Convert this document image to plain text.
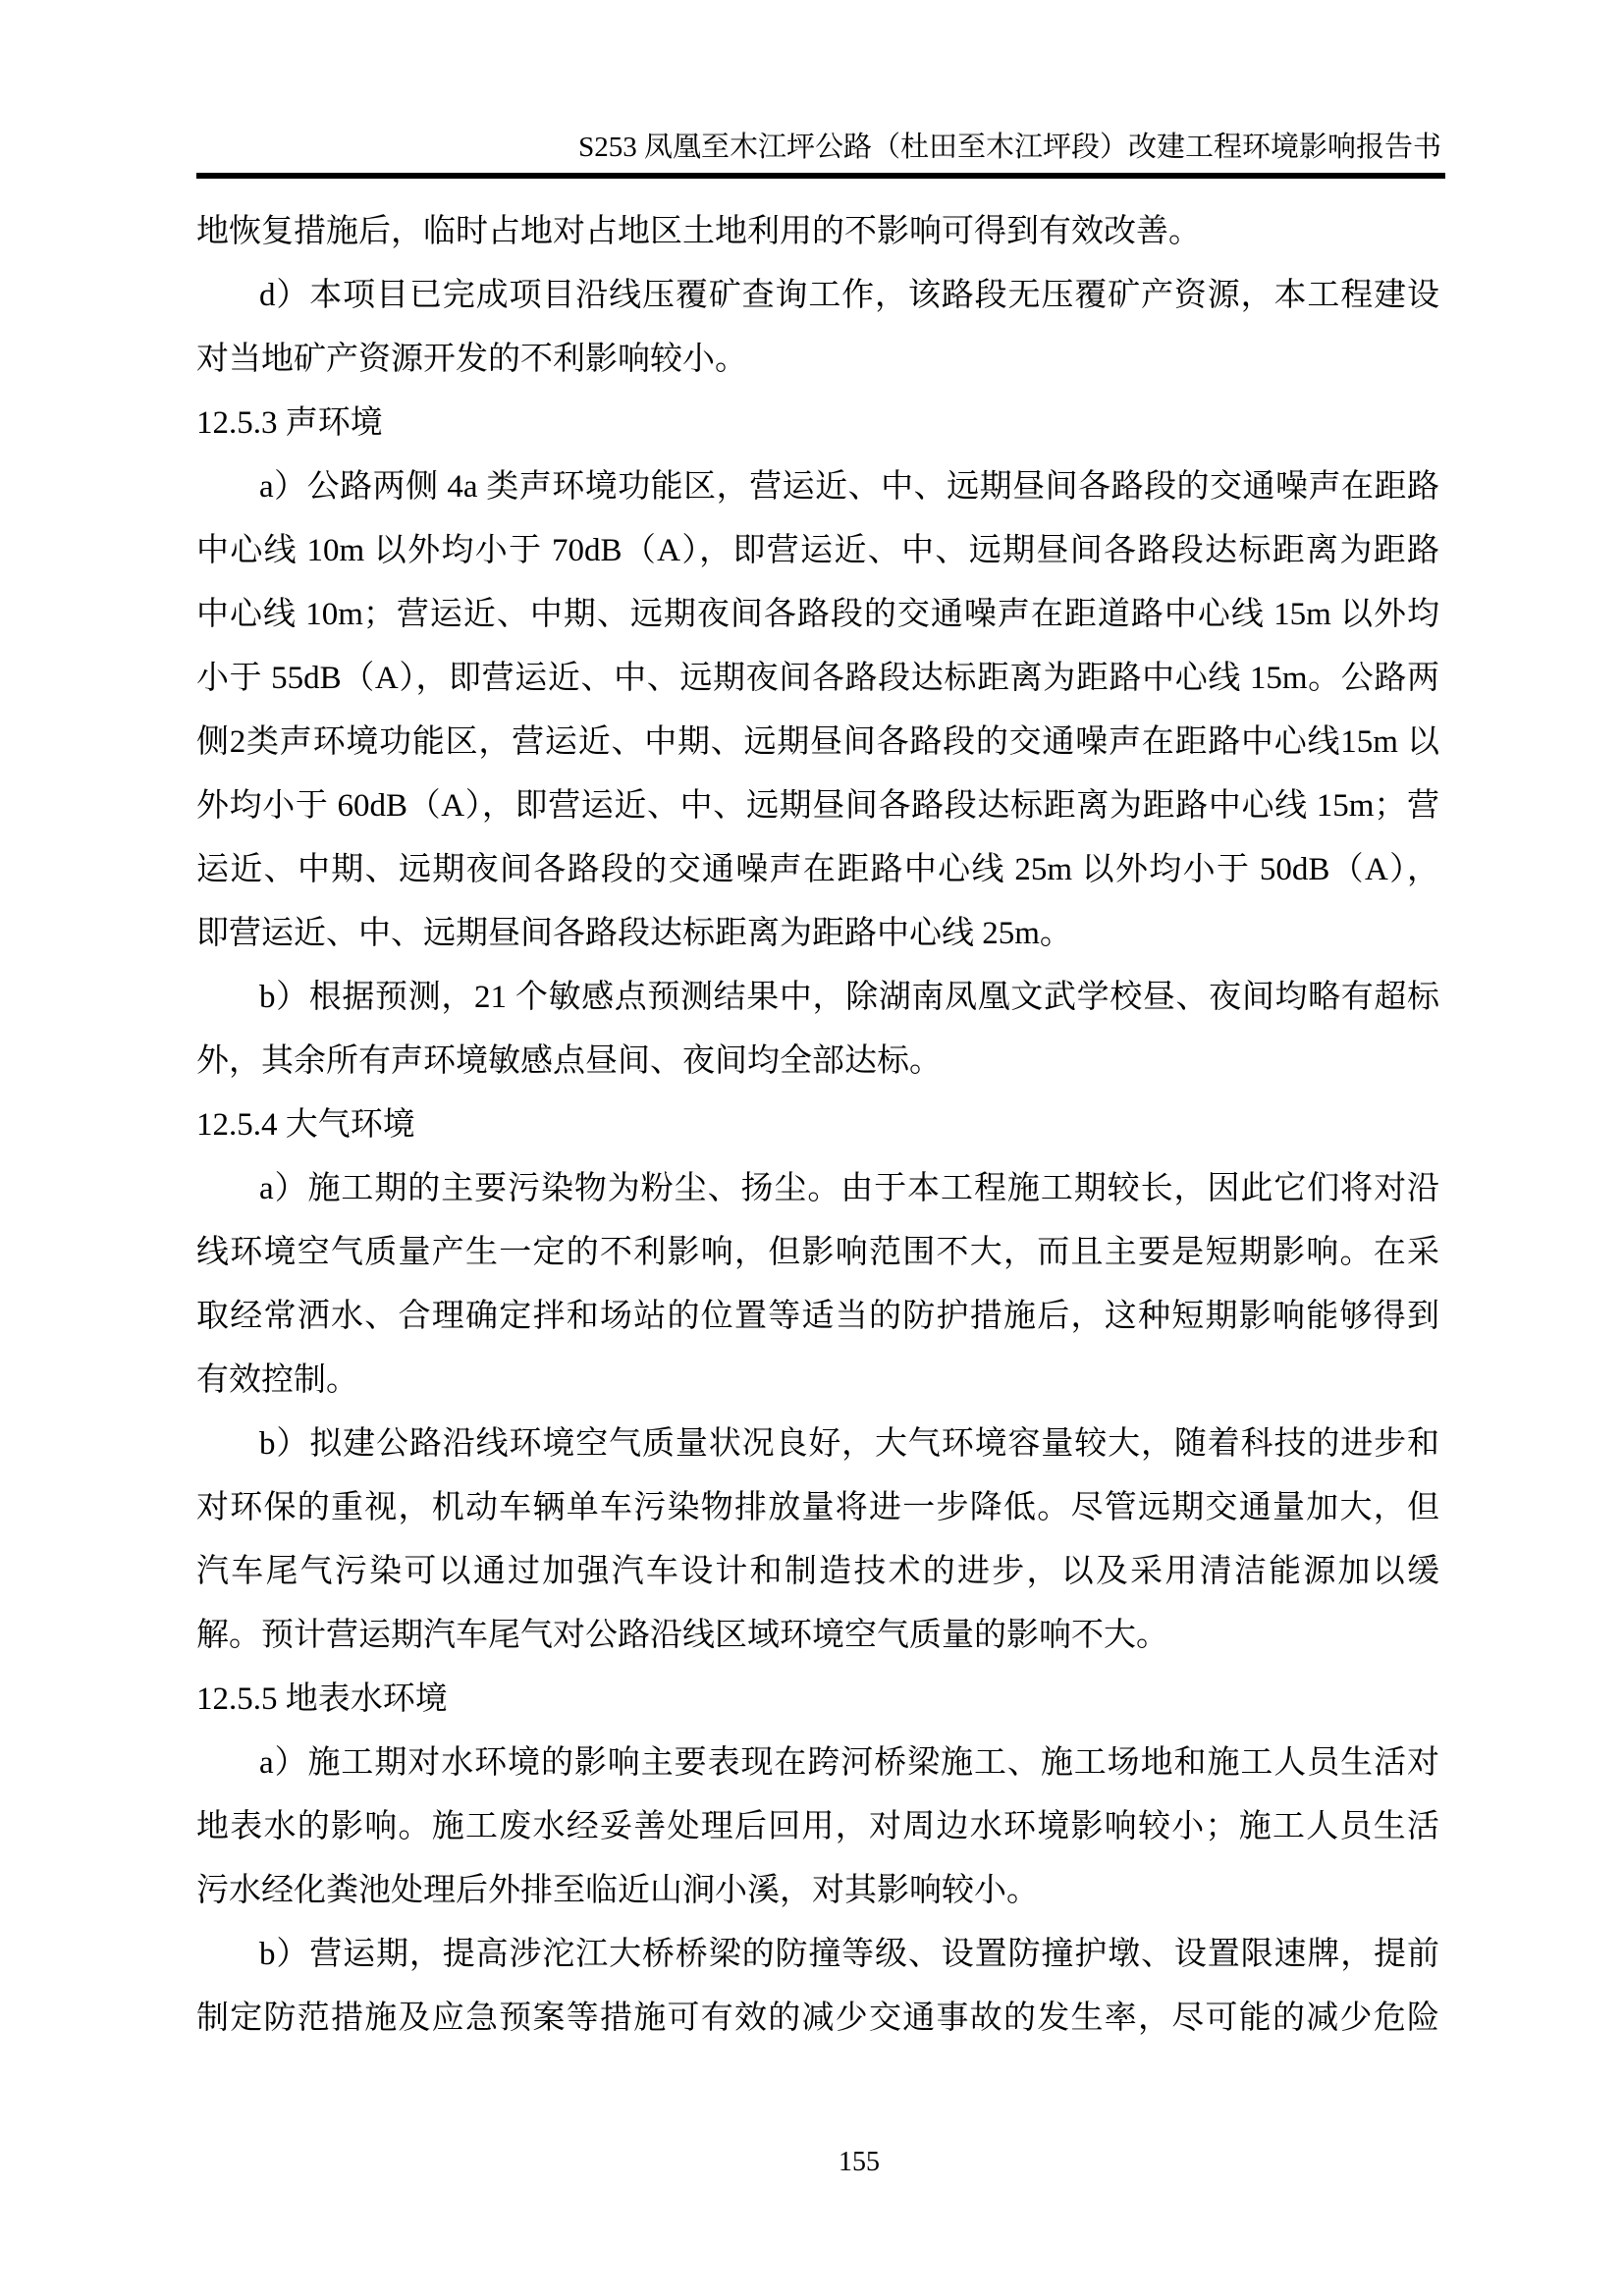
S253 凤凰至木江坪公路（杜田至木江坪段）改建工程环境影响报告书
地恢复措施后，临时占地对占地区土地利用的不影响可得到有效改善。
d）本项目已完成项目沿线压覆矿查询工作，该路段无压覆矿产资源，本工程建设
对当地矿产资源开发的不利影响较小。
12.5.3 声环境
a）公路两侧 4a 类声环境功能区，营运近、中、远期昼间各路段的交通噪声在距路
中心线 10m 以外均小于 70dB（A），即营运近、中、远期昼间各路段达标距离为距路
中心线 10m；营运近、中期、远期夜间各路段的交通噪声在距道路中心线 15m 以外均
小于 55dB（A），即营运近、中、远期夜间各路段达标距离为距路中心线 15m。公路两
侧2类声环境功能区，营运近、中期、远期昼间各路段的交通噪声在距路中心线15m 以
外均小于 60dB（A），即营运近、中、远期昼间各路段达标距离为距路中心线 15m；营
运近、中期、远期夜间各路段的交通噪声在距路中心线 25m 以外均小于 50dB（A），
即营运近、中、远期昼间各路段达标距离为距路中心线 25m。
b）根据预测，21 个敏感点预测结果中，除湖南凤凰文武学校昼、夜间均略有超标
外，其余所有声环境敏感点昼间、夜间均全部达标。
12.5.4 大气环境
a）施工期的主要污染物为粉尘、扬尘。由于本工程施工期较长，因此它们将对沿
线环境空气质量产生一定的不利影响，但影响范围不大，而且主要是短期影响。在采
取经常洒水、合理确定拌和场站的位置等适当的防护措施后，这种短期影响能够得到
有效控制。
b）拟建公路沿线环境空气质量状况良好，大气环境容量较大，随着科技的进步和
对环保的重视，机动车辆单车污染物排放量将进一步降低。尽管远期交通量加大，但
汽车尾气污染可以通过加强汽车设计和制造技术的进步，以及采用清洁能源加以缓
解。预计营运期汽车尾气对公路沿线区域环境空气质量的影响不大。
12.5.5 地表水环境
a）施工期对水环境的影响主要表现在跨河桥梁施工、施工场地和施工人员生活对
地表水的影响。施工废水经妥善处理后回用，对周边水环境影响较小；施工人员生活
污水经化粪池处理后外排至临近山涧小溪，对其影响较小。
b）营运期，提高涉沱江大桥桥梁的防撞等级、设置防撞护墩、设置限速牌，提前
制定防范措施及应急预案等措施可有效的减少交通事故的发生率，尽可能的减少危险
155
